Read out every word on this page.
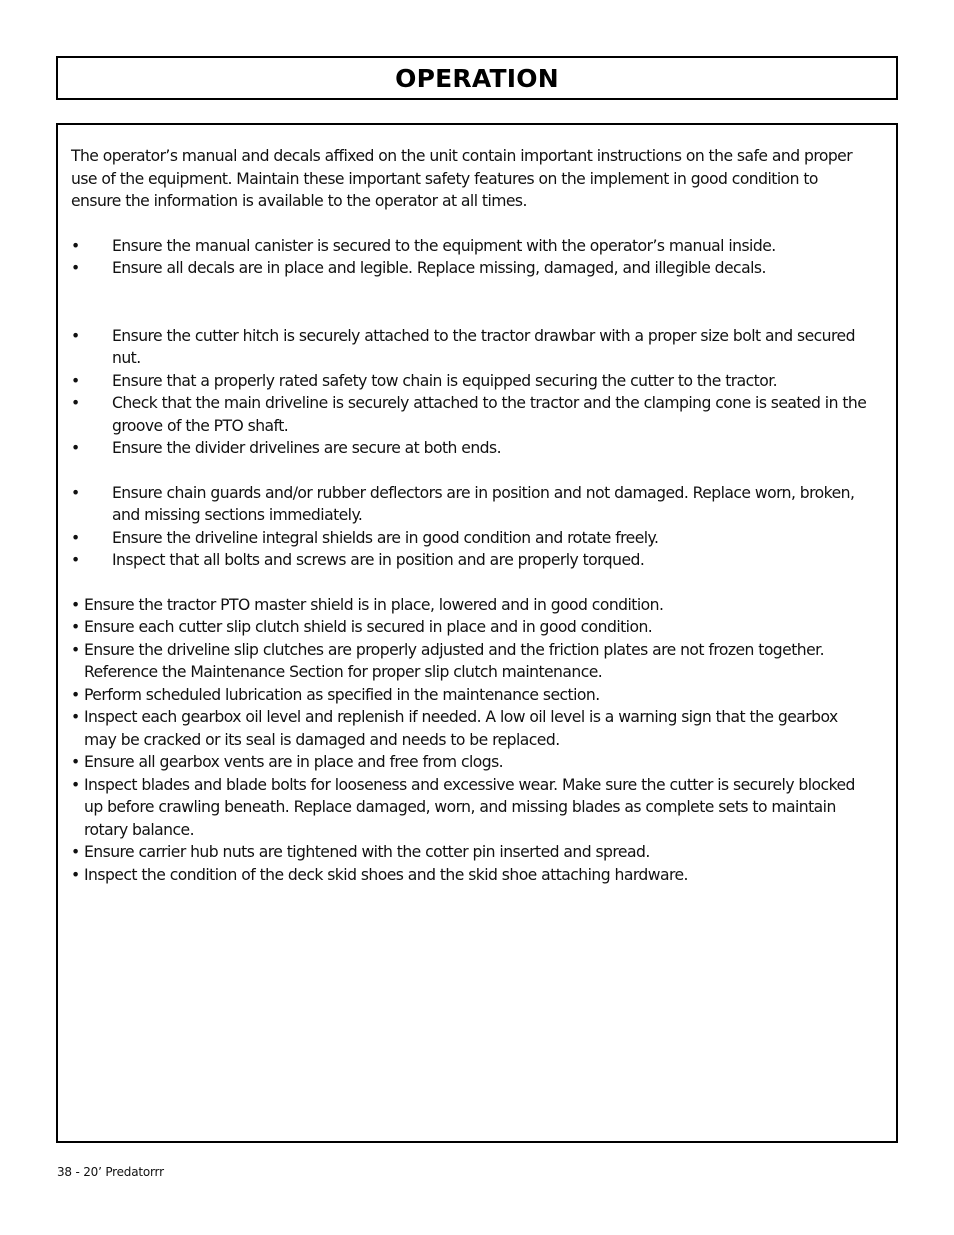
OPERATION

The operator’s manual and decals affixed on the unit contain important instructions on the safe and proper use of the equipment. Maintain these important safety features on the implement in good condition to ensure the information is available to the operator at all times.

•	Ensure the manual canister is secured to the equipment with the operator’s manual inside.
•	Ensure all decals are in place and legible. Replace missing, damaged, and illegible decals.
•	Ensure the cutter hitch is securely attached to the tractor drawbar with a proper size bolt and secured nut.
•	Ensure that a properly rated safety tow chain is equipped securing the cutter to the tractor.
•	Check that the main driveline is securely attached to the tractor and the clamping cone is seated in the groove of the PTO shaft.
•	Ensure the divider drivelines are secure at both ends.
•	Ensure chain guards and/or rubber deflectors are in position and not damaged. Replace worn, broken, and missing sections immediately.
•	Ensure the driveline integral shields are in good condition and rotate freely.
•	Inspect that all bolts and screws are in position and are properly torqued.
• Ensure the tractor PTO master shield is in place, lowered and in good condition.
• Ensure each cutter slip clutch shield is secured in place and in good condition.
• Ensure the driveline slip clutches are properly adjusted and the friction plates are not frozen together. Reference the Maintenance Section for proper slip clutch maintenance.
• Perform scheduled lubrication as specified in the maintenance section.
• Inspect each gearbox oil level and replenish if needed. A low oil level is a warning sign that the gearbox may be cracked or its seal is damaged and needs to be replaced.
• Ensure all gearbox vents are in place and free from clogs.
• Inspect blades and blade bolts for looseness and excessive wear. Make sure the cutter is securely blocked up before crawling beneath. Replace damaged, worn, and missing blades as complete sets to maintain rotary balance.
• Ensure carrier hub nuts are tightened with the cotter pin inserted and spread.
• Inspect the condition of the deck skid shoes and the skid shoe attaching hardware.
38 - 20’ Predatorrr
